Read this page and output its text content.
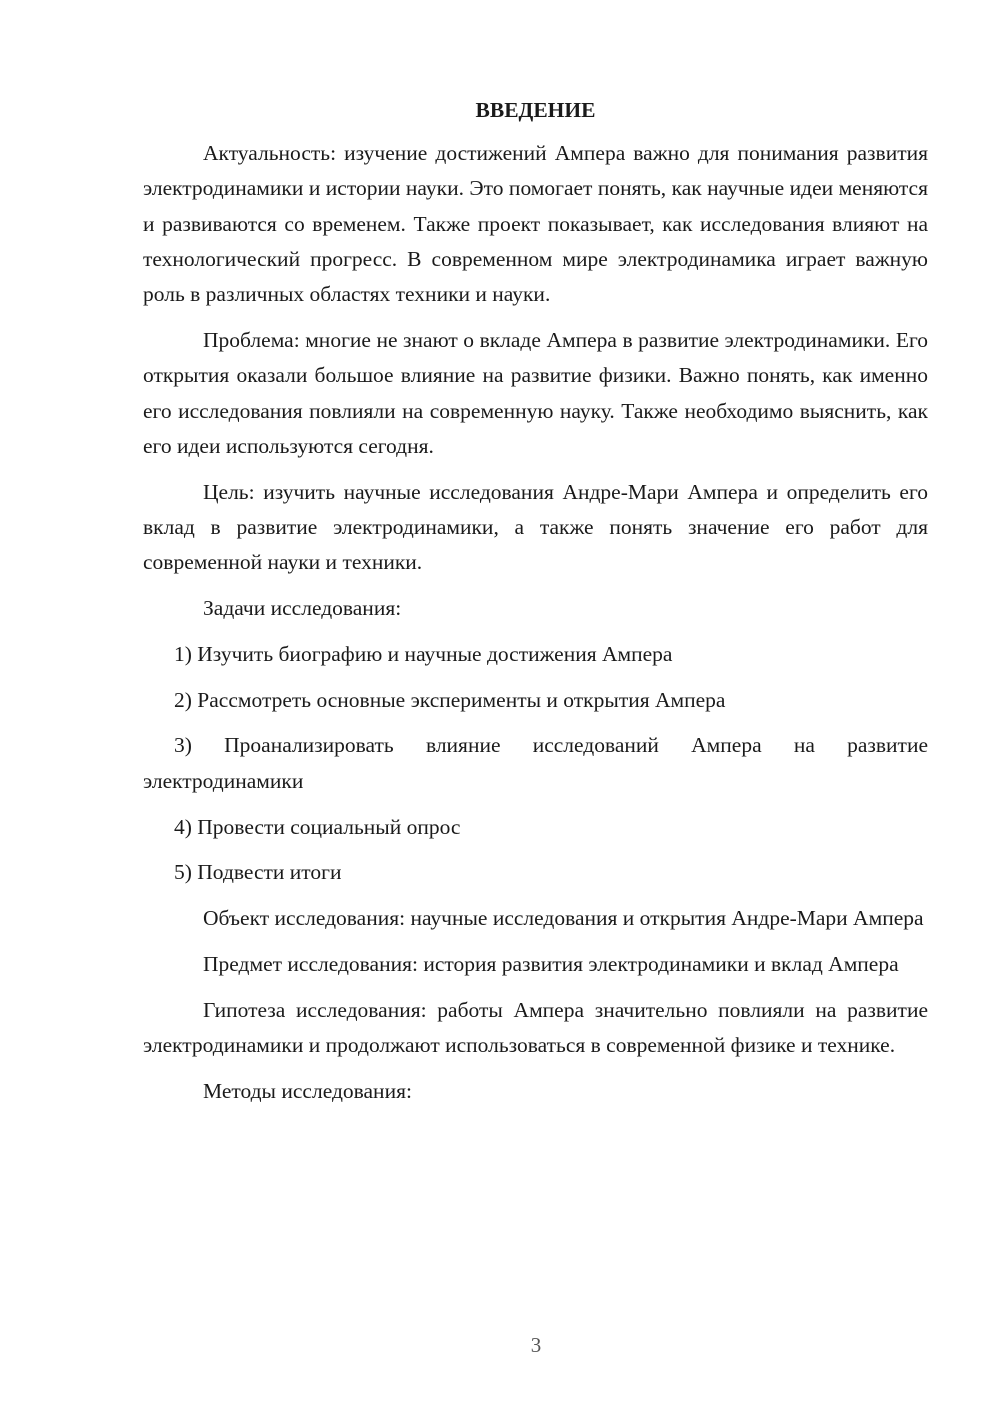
ВВЕДЕНИЕ

Актуальность: изучение достижений Ампера важно для понимания развития электродинамики и истории науки. Это помогает понять, как научные идеи меняются и развиваются со временем. Также проект показывает, как исследования влияют на технологический прогресс. В современном мире электродинамика играет важную роль в различных областях техники и науки.

Проблема: многие не знают о вкладе Ампера в развитие электродинамики. Его открытия оказали большое влияние на развитие физики. Важно понять, как именно его исследования повлияли на современную науку. Также необходимо выяснить, как его идеи используются сегодня.

Цель: изучить научные исследования Андре-Мари Ампера и определить его вклад в развитие электродинамики, а также понять значение его работ для современной науки и техники.

Задачи исследования:

1) Изучить биографию и научные достижения Ампера

2) Рассмотреть основные эксперименты и открытия Ампера

3) Проанализировать влияние исследований Ампера на развитие электродинамики

4) Провести социальный опрос

5) Подвести итоги

Объект исследования: научные исследования и открытия Андре-Мари Ампера

Предмет исследования: история развития электродинамики и вклад Ампера

Гипотеза исследования: работы Ампера значительно повлияли на развитие электродинамики и продолжают использоваться в современной физике и технике.

Методы исследования:

3
